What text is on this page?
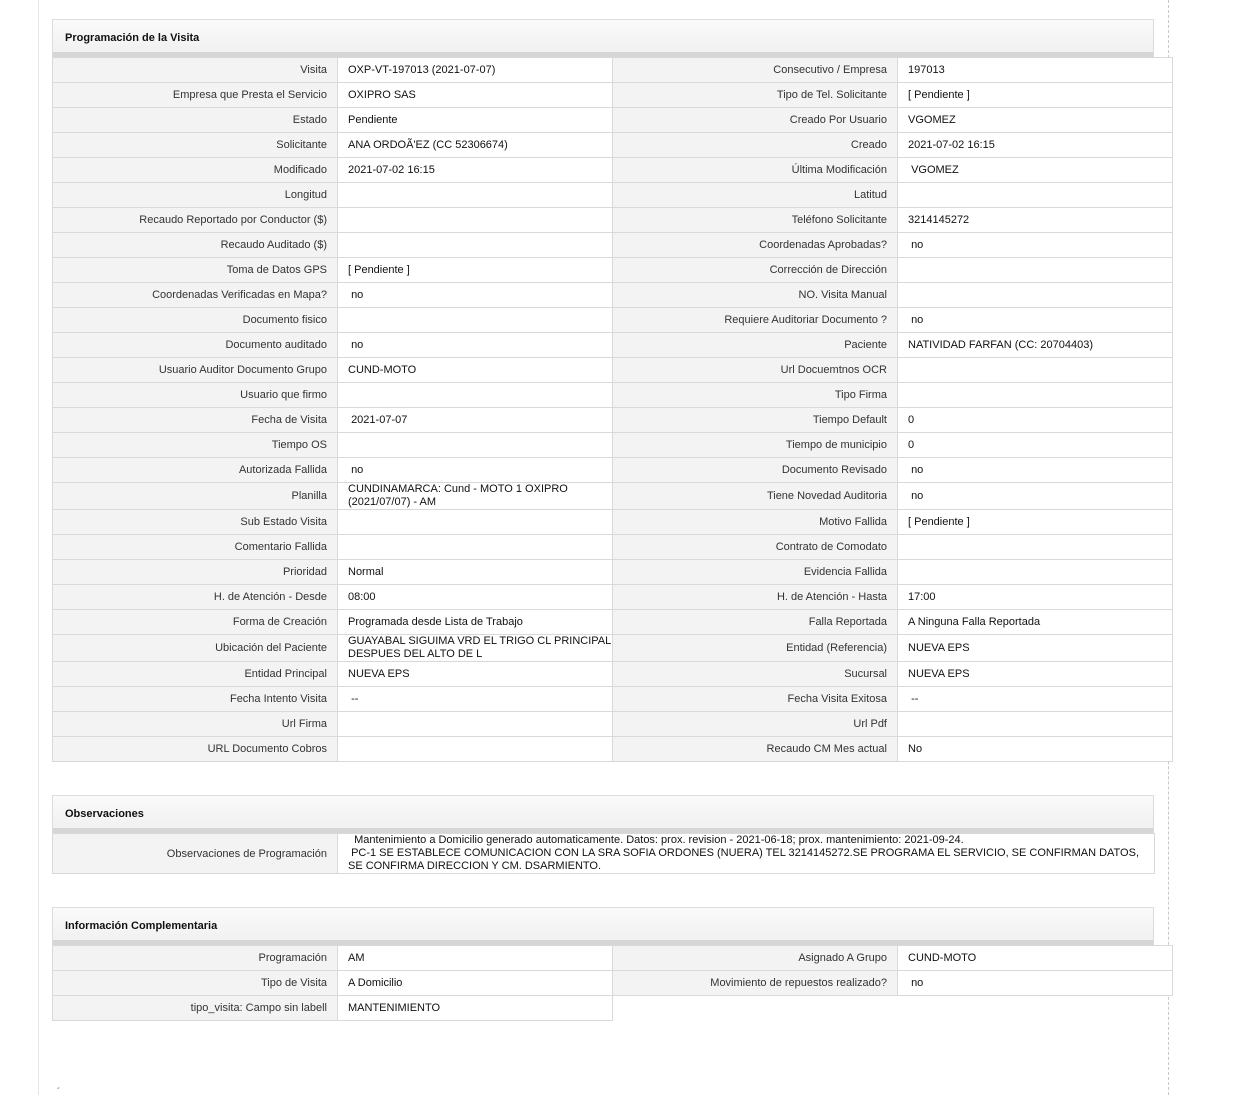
Programación de la Visita
Visita	OXP-VT-197013 (2021-07-07)	Consecutivo / Empresa	197013

Empresa que Presta el Servicio	OXIPRO SAS	Tipo de Tel. Solicitante	[ Pendiente ]

Estado	Pendiente	Creado Por Usuario	VGOMEZ

Solicitante	ANA ORDOÃ'EZ (CC 52306674)	Creado	2021-07-02 16:15

Modificado	2021-07-02 16:15	Última Modificación	VGOMEZ

Longitud		Latitud	

Recaudo Reportado por Conductor ($)		Teléfono Solicitante	3214145272

Recaudo Auditado ($)		Coordenadas Aprobadas?	no

Toma de Datos GPS	[ Pendiente ]	Corrección de Dirección	

Coordenadas Verificadas en Mapa?	no	NO. Visita Manual	

Documento fisico		Requiere Auditoriar Documento ?	no

Documento auditado	no	Paciente	NATIVIDAD FARFAN (CC: 20704403)

Usuario Auditor Documento Grupo	CUND-MOTO	Url Docuemtnos OCR	

Usuario que firmo		Tipo Firma	

Fecha de Visita	2021-07-07	Tiempo Default	0

Tiempo OS		Tiempo de municipio	0

Autorizada Fallida	no	Documento Revisado	no

Planilla	CUNDINAMARCA: Cund - MOTO 1 OXIPRO (2021/07/07) - AM	Tiene Novedad Auditoria	no

Sub Estado Visita		Motivo Fallida	[ Pendiente ]

Comentario Fallida		Contrato de Comodato	

Prioridad	Normal	Evidencia Fallida	

H. de Atención - Desde	08:00	H. de Atención - Hasta	17:00

Forma de Creación	Programada desde Lista de Trabajo	Falla Reportada	A Ninguna Falla Reportada

Ubicación del Paciente	GUAYABAL SIGUIMA VRD EL TRIGO CL PRINCIPAL DESPUES DEL ALTO DE L	Entidad (Referencia)	NUEVA EPS

Entidad Principal	NUEVA EPS	Sucursal	NUEVA EPS

Fecha Intento Visita	--	Fecha Visita Exitosa	--

Url Firma		Url Pdf	

URL Documento Cobros		Recaudo CM Mes actual	No
Observaciones
Observaciones de Programación	
Mantenimiento a Domicilio generado automaticamente. Datos: prox. revision - 2021-06-18; prox. mantenimiento: 2021-09-24.
PC-1 SE ESTABLECE COMUNICACION CON LA SRA SOFIA ORDONES (NUERA) TEL 3214145272.SE PROGRAMA EL SERVICIO, SE CONFIRMAN DATOS, SE CONFIRMA DIRECCION Y CM. DSARMIENTO.
Información Complementaria
Programación	AM	Asignado A Grupo	CUND-MOTO

Tipo de Visita	A Domicilio	Movimiento de repuestos realizado?	no

tipo_visita: Campo sin labell	MANTENIMIENTO		
´
